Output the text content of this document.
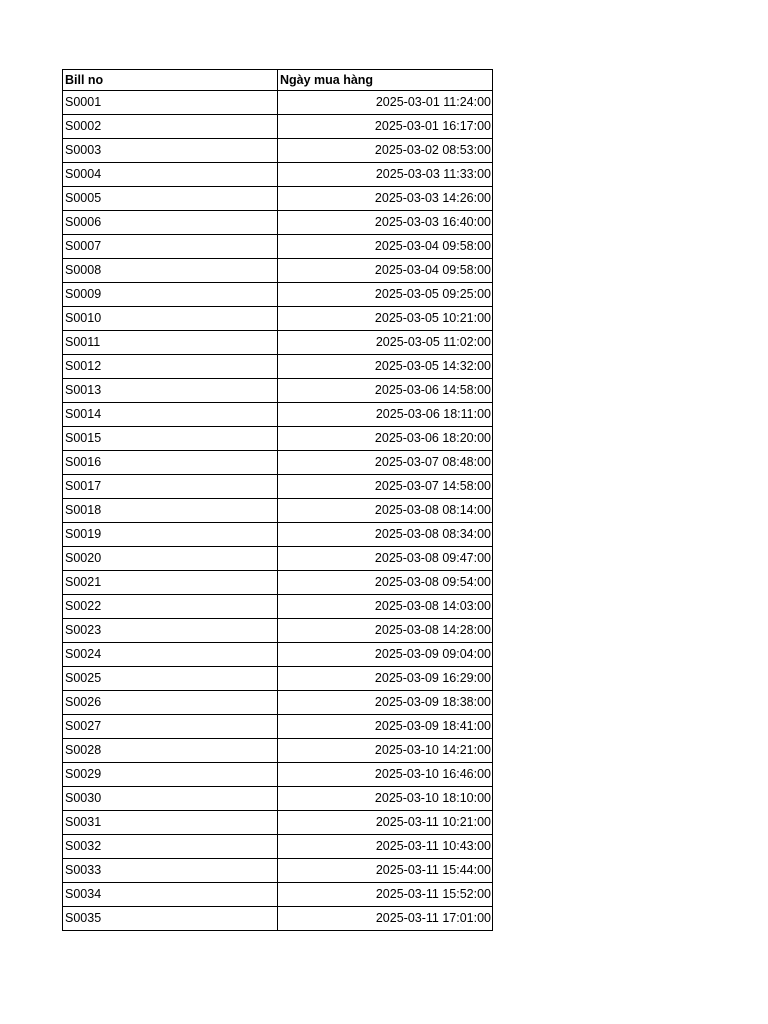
Bill no	Ngày mua hàng
S0001	2025-03-01 11:24:00
S0002	2025-03-01 16:17:00
S0003	2025-03-02 08:53:00
S0004	2025-03-03 11:33:00
S0005	2025-03-03 14:26:00
S0006	2025-03-03 16:40:00
S0007	2025-03-04 09:58:00
S0008	2025-03-04 09:58:00
S0009	2025-03-05 09:25:00
S0010	2025-03-05 10:21:00
S0011	2025-03-05 11:02:00
S0012	2025-03-05 14:32:00
S0013	2025-03-06 14:58:00
S0014	2025-03-06 18:11:00
S0015	2025-03-06 18:20:00
S0016	2025-03-07 08:48:00
S0017	2025-03-07 14:58:00
S0018	2025-03-08 08:14:00
S0019	2025-03-08 08:34:00
S0020	2025-03-08 09:47:00
S0021	2025-03-08 09:54:00
S0022	2025-03-08 14:03:00
S0023	2025-03-08 14:28:00
S0024	2025-03-09 09:04:00
S0025	2025-03-09 16:29:00
S0026	2025-03-09 18:38:00
S0027	2025-03-09 18:41:00
S0028	2025-03-10 14:21:00
S0029	2025-03-10 16:46:00
S0030	2025-03-10 18:10:00
S0031	2025-03-11 10:21:00
S0032	2025-03-11 10:43:00
S0033	2025-03-11 15:44:00
S0034	2025-03-11 15:52:00
S0035	2025-03-11 17:01:00
